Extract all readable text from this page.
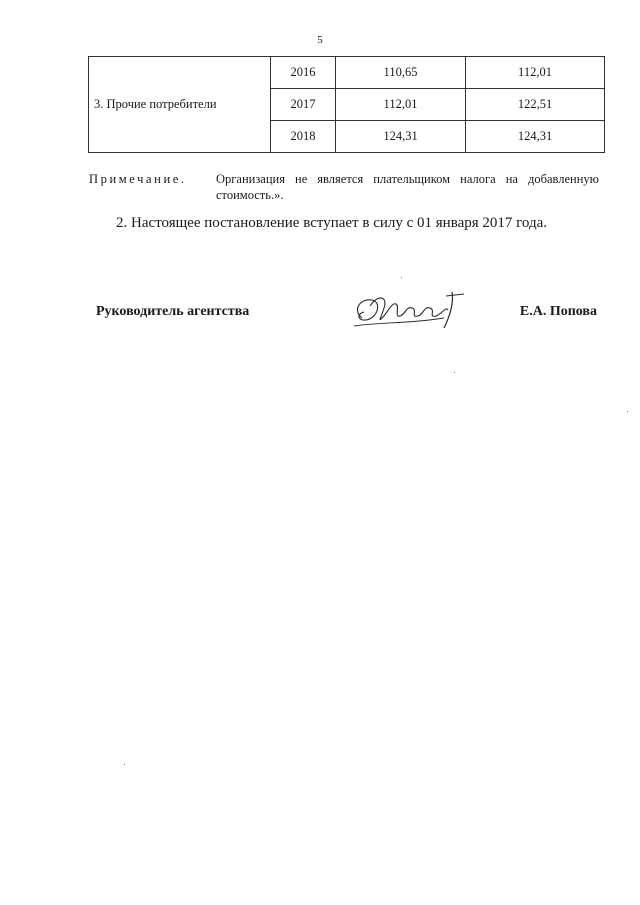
5
3. Прочие потребители	2016	110,65	112,01
	2017	112,01	122,51
	2018	124,31	124,31
Примечание. Организация не является плательщиком налога на добавленную стоимость.».
2. Настоящее постановление вступает в силу с 01 января 2017 года.
Руководитель агентства	Е.А. Попова
